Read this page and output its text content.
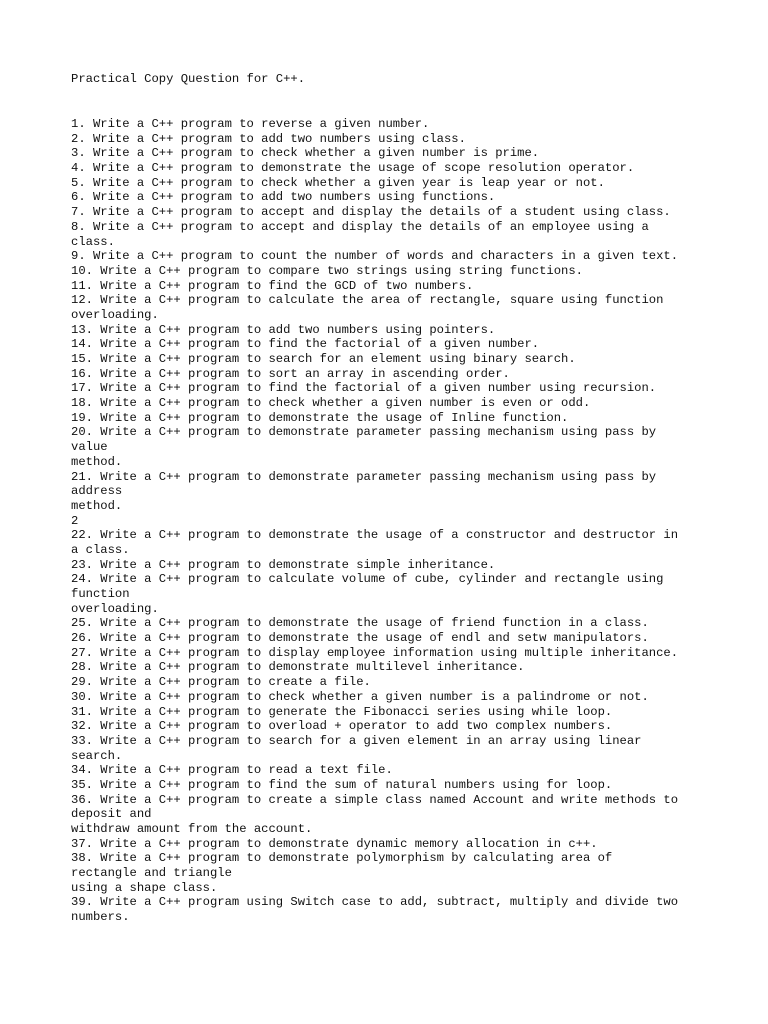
Practical Copy Question for C++.
1. Write a C++ program to reverse a given number.
2. Write a C++ program to add two numbers using class.
3. Write a C++ program to check whether a given number is prime.
4. Write a C++ program to demonstrate the usage of scope resolution operator.
5. Write a C++ program to check whether a given year is leap year or not.
6. Write a C++ program to add two numbers using functions.
7. Write a C++ program to accept and display the details of a student using class.
8. Write a C++ program to accept and display the details of an employee using a
class.
9. Write a C++ program to count the number of words and characters in a given text.
10. Write a C++ program to compare two strings using string functions.
11. Write a C++ program to find the GCD of two numbers.
12. Write a C++ program to calculate the area of rectangle, square using function
overloading.
13. Write a C++ program to add two numbers using pointers.
14. Write a C++ program to find the factorial of a given number.
15. Write a C++ program to search for an element using binary search.
16. Write a C++ program to sort an array in ascending order.
17. Write a C++ program to find the factorial of a given number using recursion.
18. Write a C++ program to check whether a given number is even or odd.
19. Write a C++ program to demonstrate the usage of Inline function.
20. Write a C++ program to demonstrate parameter passing mechanism using pass by
value
method.
21. Write a C++ program to demonstrate parameter passing mechanism using pass by
address
method.
2
22. Write a C++ program to demonstrate the usage of a constructor and destructor in
a class.
23. Write a C++ program to demonstrate simple inheritance.
24. Write a C++ program to calculate volume of cube, cylinder and rectangle using
function
overloading.
25. Write a C++ program to demonstrate the usage of friend function in a class.
26. Write a C++ program to demonstrate the usage of endl and setw manipulators.
27. Write a C++ program to display employee information using multiple inheritance.
28. Write a C++ program to demonstrate multilevel inheritance.
29. Write a C++ program to create a file.
30. Write a C++ program to check whether a given number is a palindrome or not.
31. Write a C++ program to generate the Fibonacci series using while loop.
32. Write a C++ program to overload + operator to add two complex numbers.
33. Write a C++ program to search for a given element in an array using linear
search.
34. Write a C++ program to read a text file.
35. Write a C++ program to find the sum of natural numbers using for loop.
36. Write a C++ program to create a simple class named Account and write methods to
deposit and
withdraw amount from the account.
37. Write a C++ program to demonstrate dynamic memory allocation in c++.
38. Write a C++ program to demonstrate polymorphism by calculating area of
rectangle and triangle
using a shape class.
39. Write a C++ program using Switch case to add, subtract, multiply and divide two
numbers.
